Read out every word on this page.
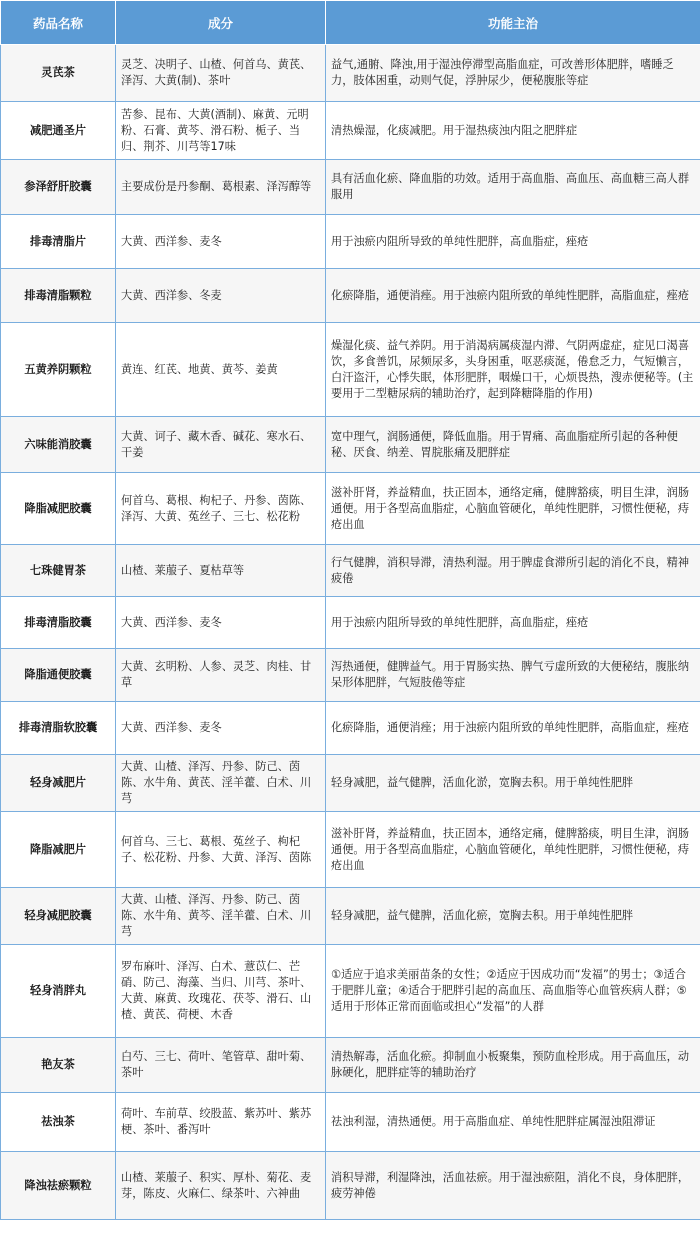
药品名称	成分	功能主治
灵芪茶	灵芝、决明子、山楂、何首乌、黄芪、泽泻、大黄(制)、茶叶	益气,通腑、降浊,用于湿浊停滞型高脂血症，可改善形体肥胖，嗜睡乏力，肢体困重，动则气促，浮肿尿少，便秘腹胀等症
减肥通圣片	苦参、昆布、大黄(酒制)、麻黄、元明粉、石膏、黄芩、滑石粉、栀子、当归、荆芥、川芎等17味	清热燥湿，化痰减肥。用于湿热痰浊内阻之肥胖症
参泽舒肝胶囊	主要成份是丹参酮、葛根素、泽泻醇等	具有活血化瘀、降血脂的功效。适用于高血脂、高血压、高血糖三高人群服用
排毒清脂片	大黄、西洋参、麦冬	用于浊瘀内阻所导致的单纯性肥胖，高血脂症，痤疮
排毒清脂颗粒	大黄、西洋参、冬麦	化瘀降脂，通便消痤。用于浊瘀内阻所致的单纯性肥胖，高脂血症，痤疮
五黄养阴颗粒	黄连、红芪、地黄、黄芩、姜黄	燥湿化痰、益气养阴。用于消渴病属痰湿内滞、气阴两虚症，症见口渴喜饮，多食善饥，尿频尿多，头身困重，呕恶痰涎，倦怠乏力，气短懒言，白汗盗汗，心悸失眠，体形肥胖，咽燥口干，心烦畏热，溲赤便秘等。(主要用于二型糖尿病的辅助治疗，起到降糖降脂的作用)
六味能消胶囊	大黄、诃子、藏木香、碱花、寒水石、干姜	宽中理气，润肠通便，降低血脂。用于胃痛、高血脂症所引起的各种便秘、厌食、纳差、胃脘胀痛及肥胖症
降脂减肥胶囊	何首乌、葛根、枸杞子、丹参、茵陈、泽泻、大黄、菟丝子、三七、松花粉	滋补肝肾，养益精血，扶正固本，通络定痛，健脾豁痰，明目生津，润肠通便。用于各型高血脂症，心脑血管硬化，单纯性肥胖，习惯性便秘，痔疮出血
七珠健胃茶	山楂、莱菔子、夏枯草等	行气健脾，消积导滞，清热利湿。用于脾虚食滞所引起的消化不良，精神疲倦
排毒清脂胶囊	大黄、西洋参、麦冬	用于浊瘀内阻所导致的单纯性肥胖，高血脂症，痤疮
降脂通便胶囊	大黄、玄明粉、人参、灵芝、肉桂、甘草	泻热通便，健脾益气。用于胃肠实热、脾气亏虚所致的大便秘结，腹胀纳呆形体肥胖，气短肢倦等症
排毒清脂软胶囊	大黄、西洋参、麦冬	化瘀降脂，通便消痤；用于浊瘀内阻所致的单纯性肥胖，高脂血症，痤疮
轻身减肥片	大黄、山楂、泽泻、丹参、防己、茵陈、水牛角、黄芪、淫羊藿、白术、川芎	轻身减肥，益气健脾，活血化淤，宽胸去积。用于单纯性肥胖
降脂减肥片	何首乌、三七、葛根、菟丝子、枸杞子、松花粉、丹参、大黄、泽泻、茵陈	滋补肝肾，养益精血，扶正固本，通络定痛，健脾豁痰，明目生津，润肠通便。用于各型高血脂症，心脑血管硬化，单纯性肥胖，习惯性便秘，痔疮出血
轻身减肥胶囊	大黄、山楂、泽泻、丹参、防己、茵陈、水牛角、黄芩、淫羊藿、白术、川芎	轻身减肥，益气健脾，活血化瘀，宽胸去积。用于单纯性肥胖
轻身消胖丸	罗布麻叶、泽泻、白术、薏苡仁、芒硝、防己、海藻、当归、川芎、茶叶、大黄、麻黄、玫瑰花、茯苓、滑石、山楂、黄芪、荷梗、木香	①适应于追求美丽苗条的女性；②适应于因成功而“发福”的男士；③适合于肥胖儿童；④适合于肥胖引起的高血压、高血脂等心血管疾病人群；⑤适用于形体正常而面临或担心“发福”的人群
艳友茶	白芍、三七、荷叶、笔管草、甜叶菊、茶叶	清热解毒，活血化瘀。抑制血小板聚集，预防血栓形成。用于高血压，动脉硬化，肥胖症等的辅助治疗
祛浊茶	荷叶、车前草、绞股蓝、紫苏叶、紫苏梗、茶叶、番泻叶	祛浊利湿，清热通便。用于高脂血症、单纯性肥胖症属湿浊阻滞证
降浊祛瘀颗粒	山楂、莱菔子、积实、厚朴、菊花、麦芽，陈皮、火麻仁、绿茶叶、六神曲	消积导滞，利湿降浊，活血祛瘀。用于湿浊瘀阻，消化不良，身体肥胖，疲劳神倦
